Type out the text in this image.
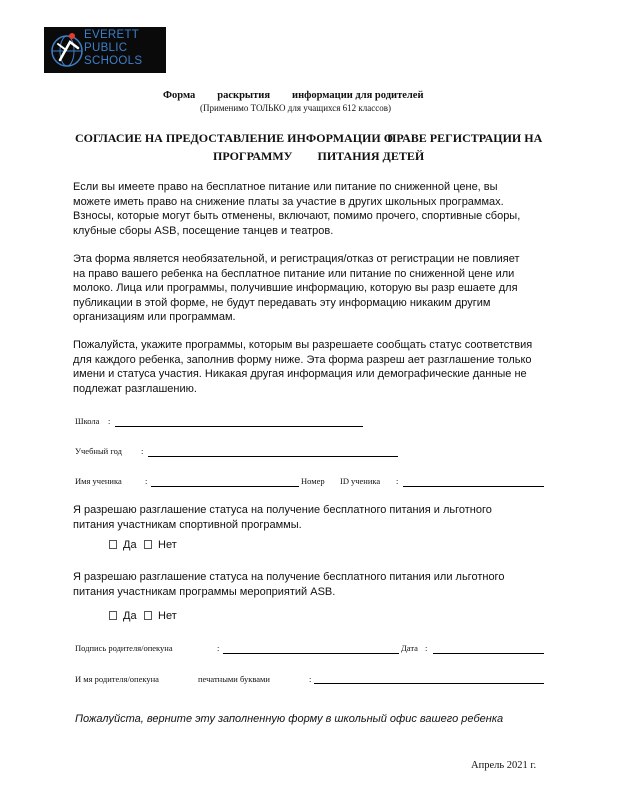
EVERETT
PUBLIC
SCHOOLS
Форма раскрытия информации для родителей
(Применимо ТОЛЬКО для учащихся 612 классов)
СОГЛАСИЕ НА ПРЕДОСТАВЛЕНИЕ ИНФОРМАЦИИ О
ПРАВЕ РЕГИСТРАЦИИ НА
ПРОГРАММУ ПИТАНИЯ ДЕТЕЙ
Если вы имеете право на бесплатное питание или питание по сниженной цене, вы можете иметь право на снижение платы за участие в других школьных программах. Взносы, которые могут быть отменены, включают, помимо прочего, спортивные сборы, клубные сборы ASB, посещение танцев и театров.
Эта форма является необязательной, и регистрация/отказ от регистрации не повлияет на право вашего ребенка на бесплатное питание или питание по сниженной цене или молоко. Лица или программы, получившие информацию, которую вы разр ешаете для публикации в этой форме, не будут передавать эту информацию никаким другим организациям или программам.
Пожалуйста, укажите программы, которым вы разрешаете сообщать статус соответствия для каждого ребенка, заполнив форму ниже. Эта форма разреш ает разглашение только имени и статуса участия. Никакая другая информация или демографические данные не подлежат разглашению.
Школа :
Учебный год :
Имя ученика	:	Номер ID ученика :
Я разрешаю разглашение статуса на получение бесплатного питания и льготного питания участникам спортивной программы.
Да	Нет
Я разрешаю разглашение статуса на получение бесплатного питания или льготного питания участникам программы мероприятий ASB.
Да	Нет
Подпись родителя/опекуна	:	Дата :
И мя родителя/опекуна	печатными буквами	:
Пожалуйста, верните эту заполненную форму в школьный офис вашего ребенка
Апрель 2021 г.
